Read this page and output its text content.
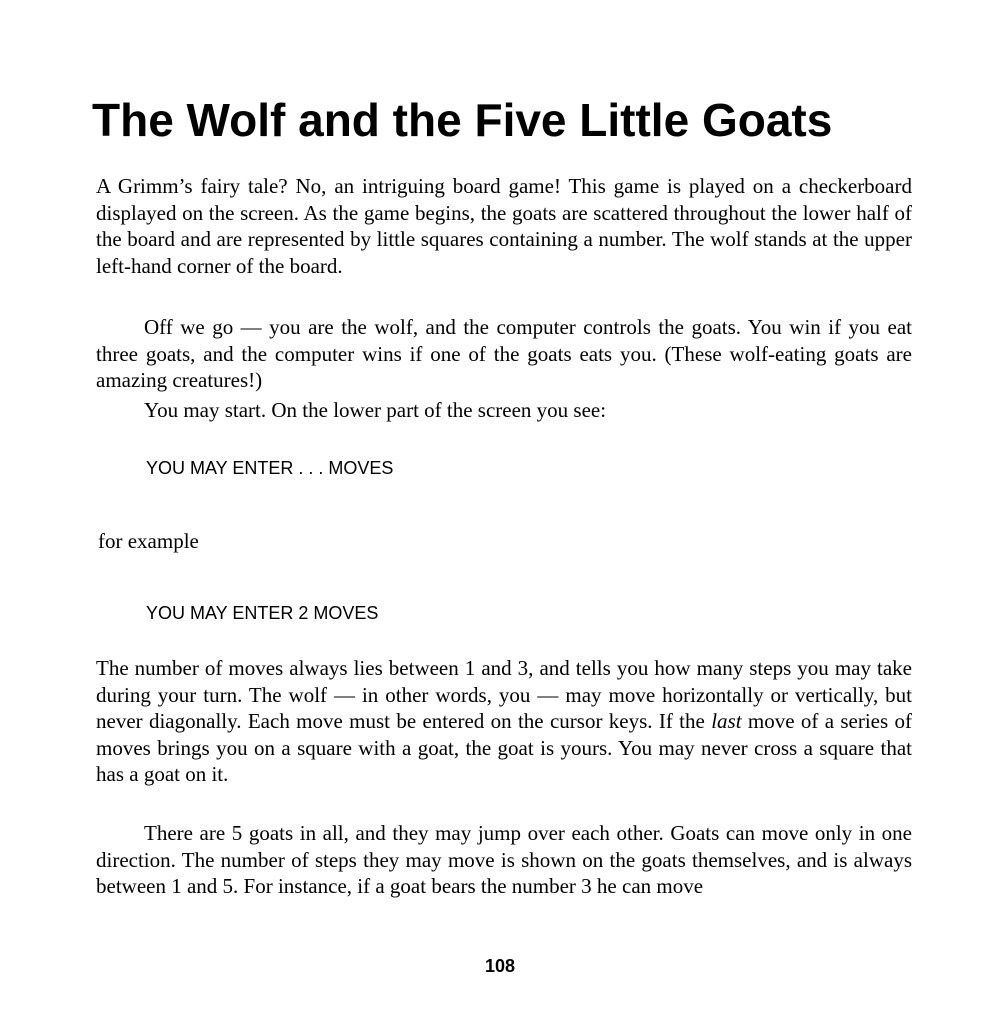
The Wolf and the Five Little Goats

A Grimm’s fairy tale? No, an intriguing board game! This game is played on a checkerboard displayed on the screen. As the game begins, the goats are scattered throughout the lower half of the board and are represented by little squares containing a number. The wolf stands at the upper left-hand corner of the board.

Off we go — you are the wolf, and the computer controls the goats. You win if you eat three goats, and the computer wins if one of the goats eats you. (These wolf-eating goats are amazing creatures!)

You may start. On the lower part of the screen you see:

YOU MAY ENTER . . . MOVES

for example

YOU MAY ENTER 2 MOVES

The number of moves always lies between 1 and 3, and tells you how many steps you may take during your turn. The wolf — in other words, you — may move horizontally or vertically, but never diagonally. Each move must be entered on the cursor keys. If the last move of a series of moves brings you on a square with a goat, the goat is yours. You may never cross a square that has a goat on it.

There are 5 goats in all, and they may jump over each other. Goats can move only in one direction. The number of steps they may move is shown on the goats themselves, and is always between 1 and 5. For instance, if a goat bears the number 3 he can move

108
